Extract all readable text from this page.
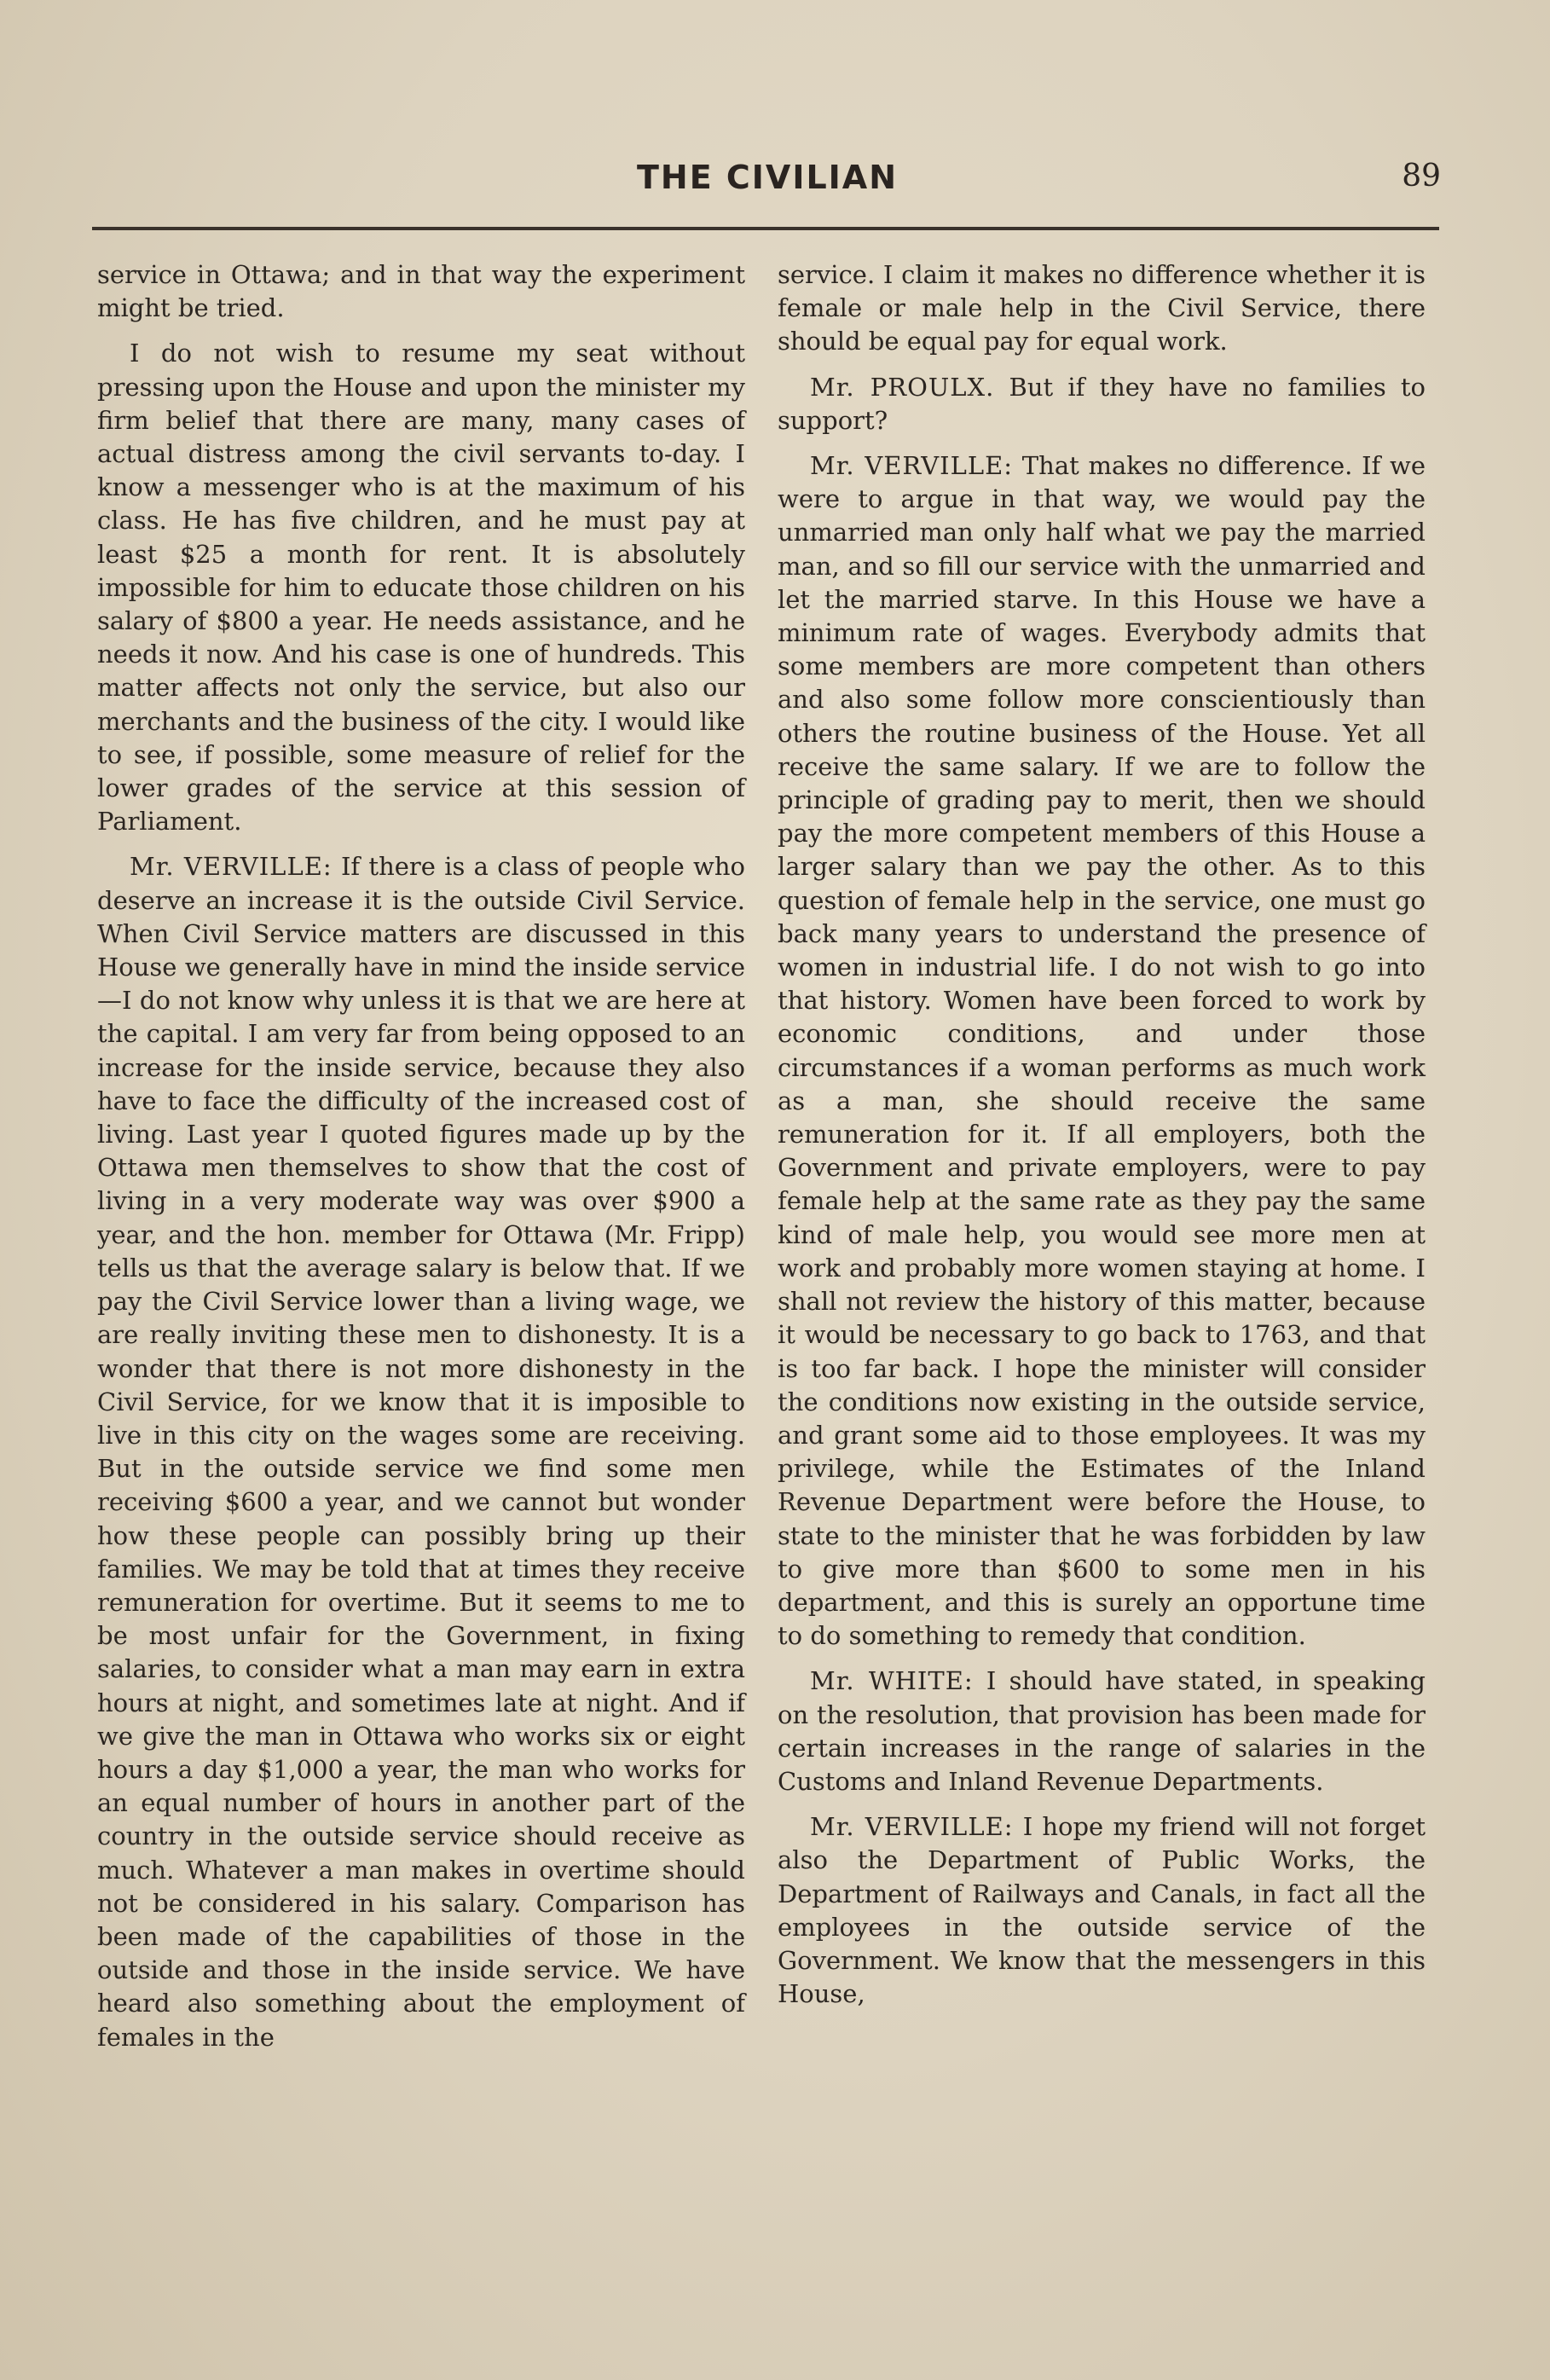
THE CIVILIAN	89

service in Ottawa; and in that way the experiment might be tried.

I do not wish to resume my seat without pressing upon the House and upon the minister my firm belief that there are many, many cases of actual distress among the civil servants to-day. I know a messenger who is at the maximum of his class. He has five children, and he must pay at least $25 a month for rent. It is absolutely impossible for him to educate those children on his salary of $800 a year. He needs assistance, and he needs it now. And his case is one of hundreds. This matter affects not only the service, but also our merchants and the business of the city. I would like to see, if possible, some measure of relief for the lower grades of the service at this session of Parliament.

Mr. VERVILLE: If there is a class of people who deserve an increase it is the outside Civil Service. When Civil Service matters are discussed in this House we generally have in mind the inside service—I do not know why unless it is that we are here at the capital. I am very far from being opposed to an increase for the inside service, because they also have to face the difficulty of the increased cost of living. Last year I quoted figures made up by the Ottawa men themselves to show that the cost of living in a very moderate way was over $900 a year, and the hon. member for Ottawa (Mr. Fripp) tells us that the average salary is below that. If we pay the Civil Service lower than a living wage, we are really inviting these men to dishonesty. It is a wonder that there is not more dishonesty in the Civil Service, for we know that it is imposible to live in this city on the wages some are receiving. But in the outside service we find some men receiving $600 a year, and we cannot but wonder how these people can possibly bring up their families. We may be told that at times they receive remuneration for overtime. But it seems to me to be most unfair for the Government, in fixing salaries, to consider what a man may earn in extra hours at night, and sometimes late at night. And if we give the man in Ottawa who works six or eight hours a day $1,000 a year, the man who works for an equal number of hours in another part of the country in the outside service should receive as much. Whatever a man makes in overtime should not be considered in his salary. Comparison has been made of the capabilities of those in the outside and those in the inside service. We have heard also something about the employment of females in the

service. I claim it makes no difference whether it is female or male help in the Civil Service, there should be equal pay for equal work.

Mr. PROULX. But if they have no families to support?

Mr. VERVILLE: That makes no difference. If we were to argue in that way, we would pay the unmarried man only half what we pay the married man, and so fill our service with the unmarried and let the married starve. In this House we have a minimum rate of wages. Everybody admits that some members are more competent than others and also some follow more conscientiously than others the routine business of the House. Yet all receive the same salary. If we are to follow the principle of grading pay to merit, then we should pay the more competent members of this House a larger salary than we pay the other. As to this question of female help in the service, one must go back many years to understand the presence of women in industrial life. I do not wish to go into that history. Women have been forced to work by economic conditions, and under those circumstances if a woman performs as much work as a man, she should receive the same remuneration for it. If all employers, both the Government and private employers, were to pay female help at the same rate as they pay the same kind of male help, you would see more men at work and probably more women staying at home. I shall not review the history of this matter, because it would be necessary to go back to 1763, and that is too far back. I hope the minister will consider the conditions now existing in the outside service, and grant some aid to those employees. It was my privilege, while the Estimates of the Inland Revenue Department were before the House, to state to the minister that he was forbidden by law to give more than $600 to some men in his department, and this is surely an opportune time to do something to remedy that condition.

Mr. WHITE: I should have stated, in speaking on the resolution, that provision has been made for certain increases in the range of salaries in the Customs and Inland Revenue Departments.

Mr. VERVILLE: I hope my friend will not forget also the Department of Public Works, the Department of Railways and Canals, in fact all the employees in the outside service of the Government. We know that the messengers in this House,
